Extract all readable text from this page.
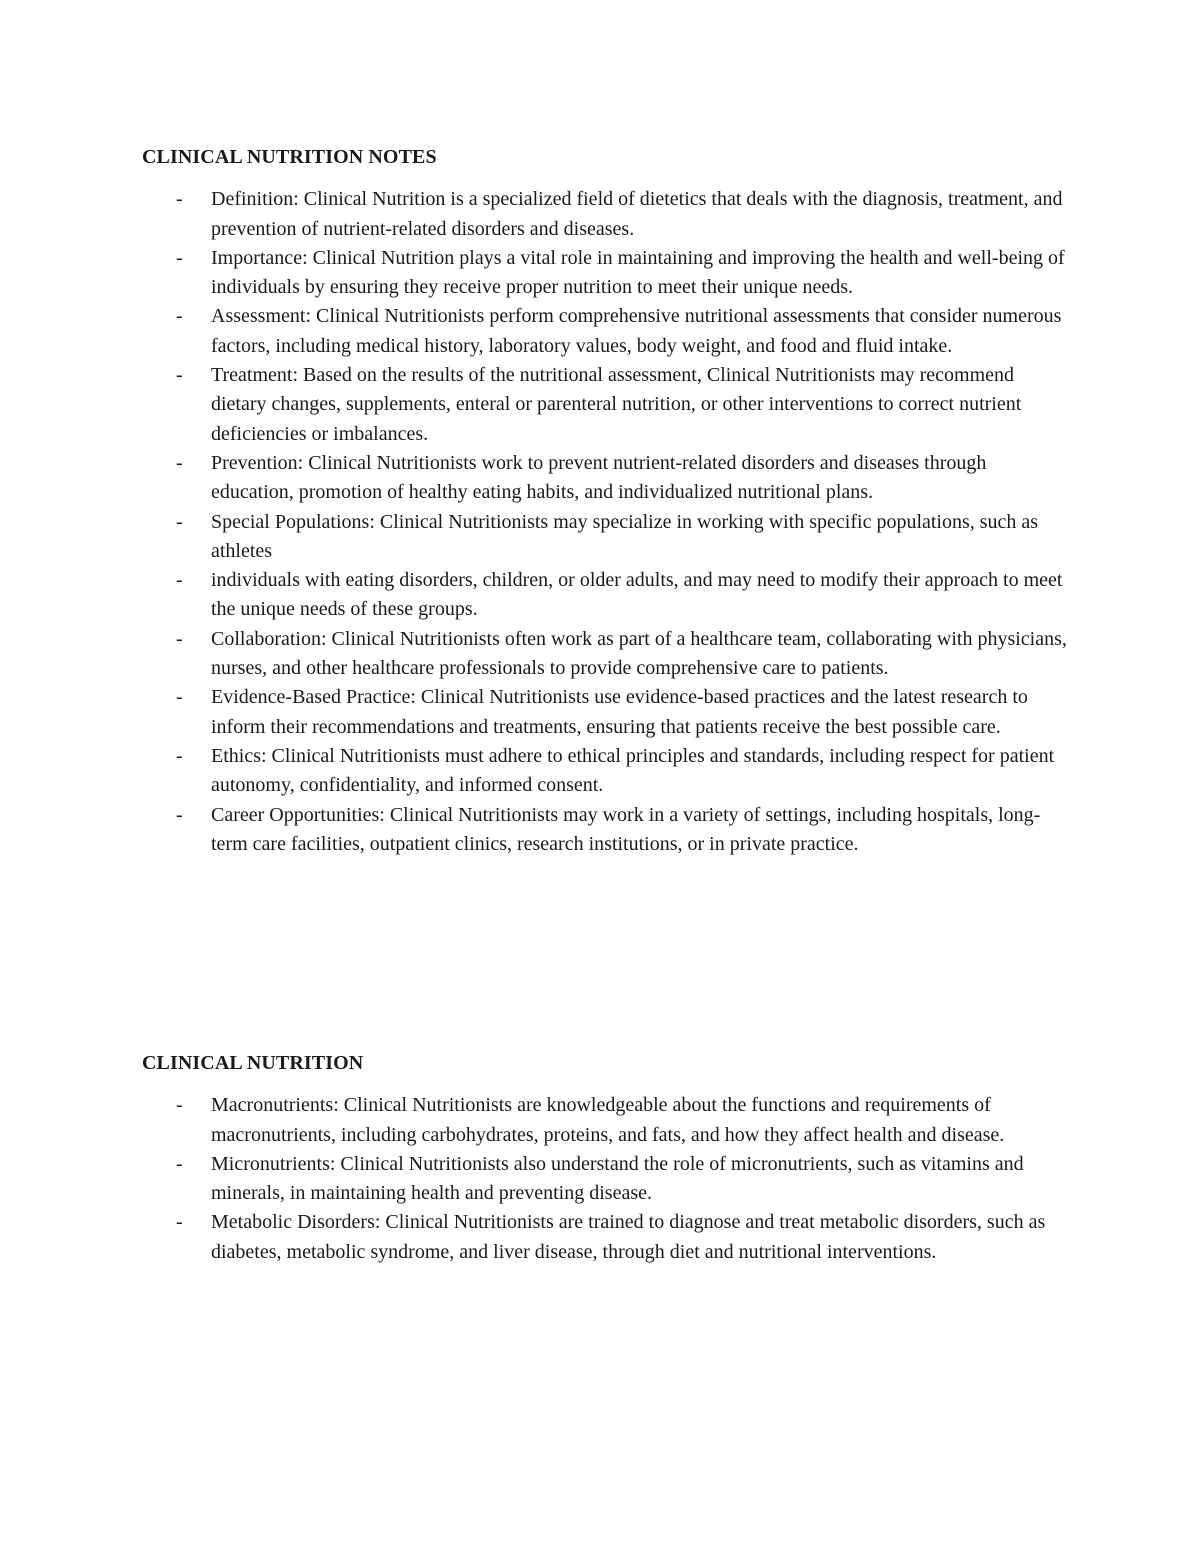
CLINICAL NUTRITION NOTES
- Definition: Clinical Nutrition is a specialized field of dietetics that deals with the diagnosis, treatment, and prevention of nutrient-related disorders and diseases.
- Importance: Clinical Nutrition plays a vital role in maintaining and improving the health and well-being of individuals by ensuring they receive proper nutrition to meet their unique needs.
- Assessment: Clinical Nutritionists perform comprehensive nutritional assessments that consider numerous factors, including medical history, laboratory values, body weight, and food and fluid intake.
- Treatment: Based on the results of the nutritional assessment, Clinical Nutritionists may recommend dietary changes, supplements, enteral or parenteral nutrition, or other interventions to correct nutrient deficiencies or imbalances.
- Prevention: Clinical Nutritionists work to prevent nutrient-related disorders and diseases through education, promotion of healthy eating habits, and individualized nutritional plans.
- Special Populations: Clinical Nutritionists may specialize in working with specific populations, such as athletes
- individuals with eating disorders, children, or older adults, and may need to modify their approach to meet the unique needs of these groups.
- Collaboration: Clinical Nutritionists often work as part of a healthcare team, collaborating with physicians, nurses, and other healthcare professionals to provide comprehensive care to patients.
- Evidence-Based Practice: Clinical Nutritionists use evidence-based practices and the latest research to inform their recommendations and treatments, ensuring that patients receive the best possible care.
- Ethics: Clinical Nutritionists must adhere to ethical principles and standards, including respect for patient autonomy, confidentiality, and informed consent.
- Career Opportunities: Clinical Nutritionists may work in a variety of settings, including hospitals, long-term care facilities, outpatient clinics, research institutions, or in private practice.
CLINICAL NUTRITION
- Macronutrients: Clinical Nutritionists are knowledgeable about the functions and requirements of macronutrients, including carbohydrates, proteins, and fats, and how they affect health and disease.
- Micronutrients: Clinical Nutritionists also understand the role of micronutrients, such as vitamins and minerals, in maintaining health and preventing disease.
- Metabolic Disorders: Clinical Nutritionists are trained to diagnose and treat metabolic disorders, such as diabetes, metabolic syndrome, and liver disease, through diet and nutritional interventions.
